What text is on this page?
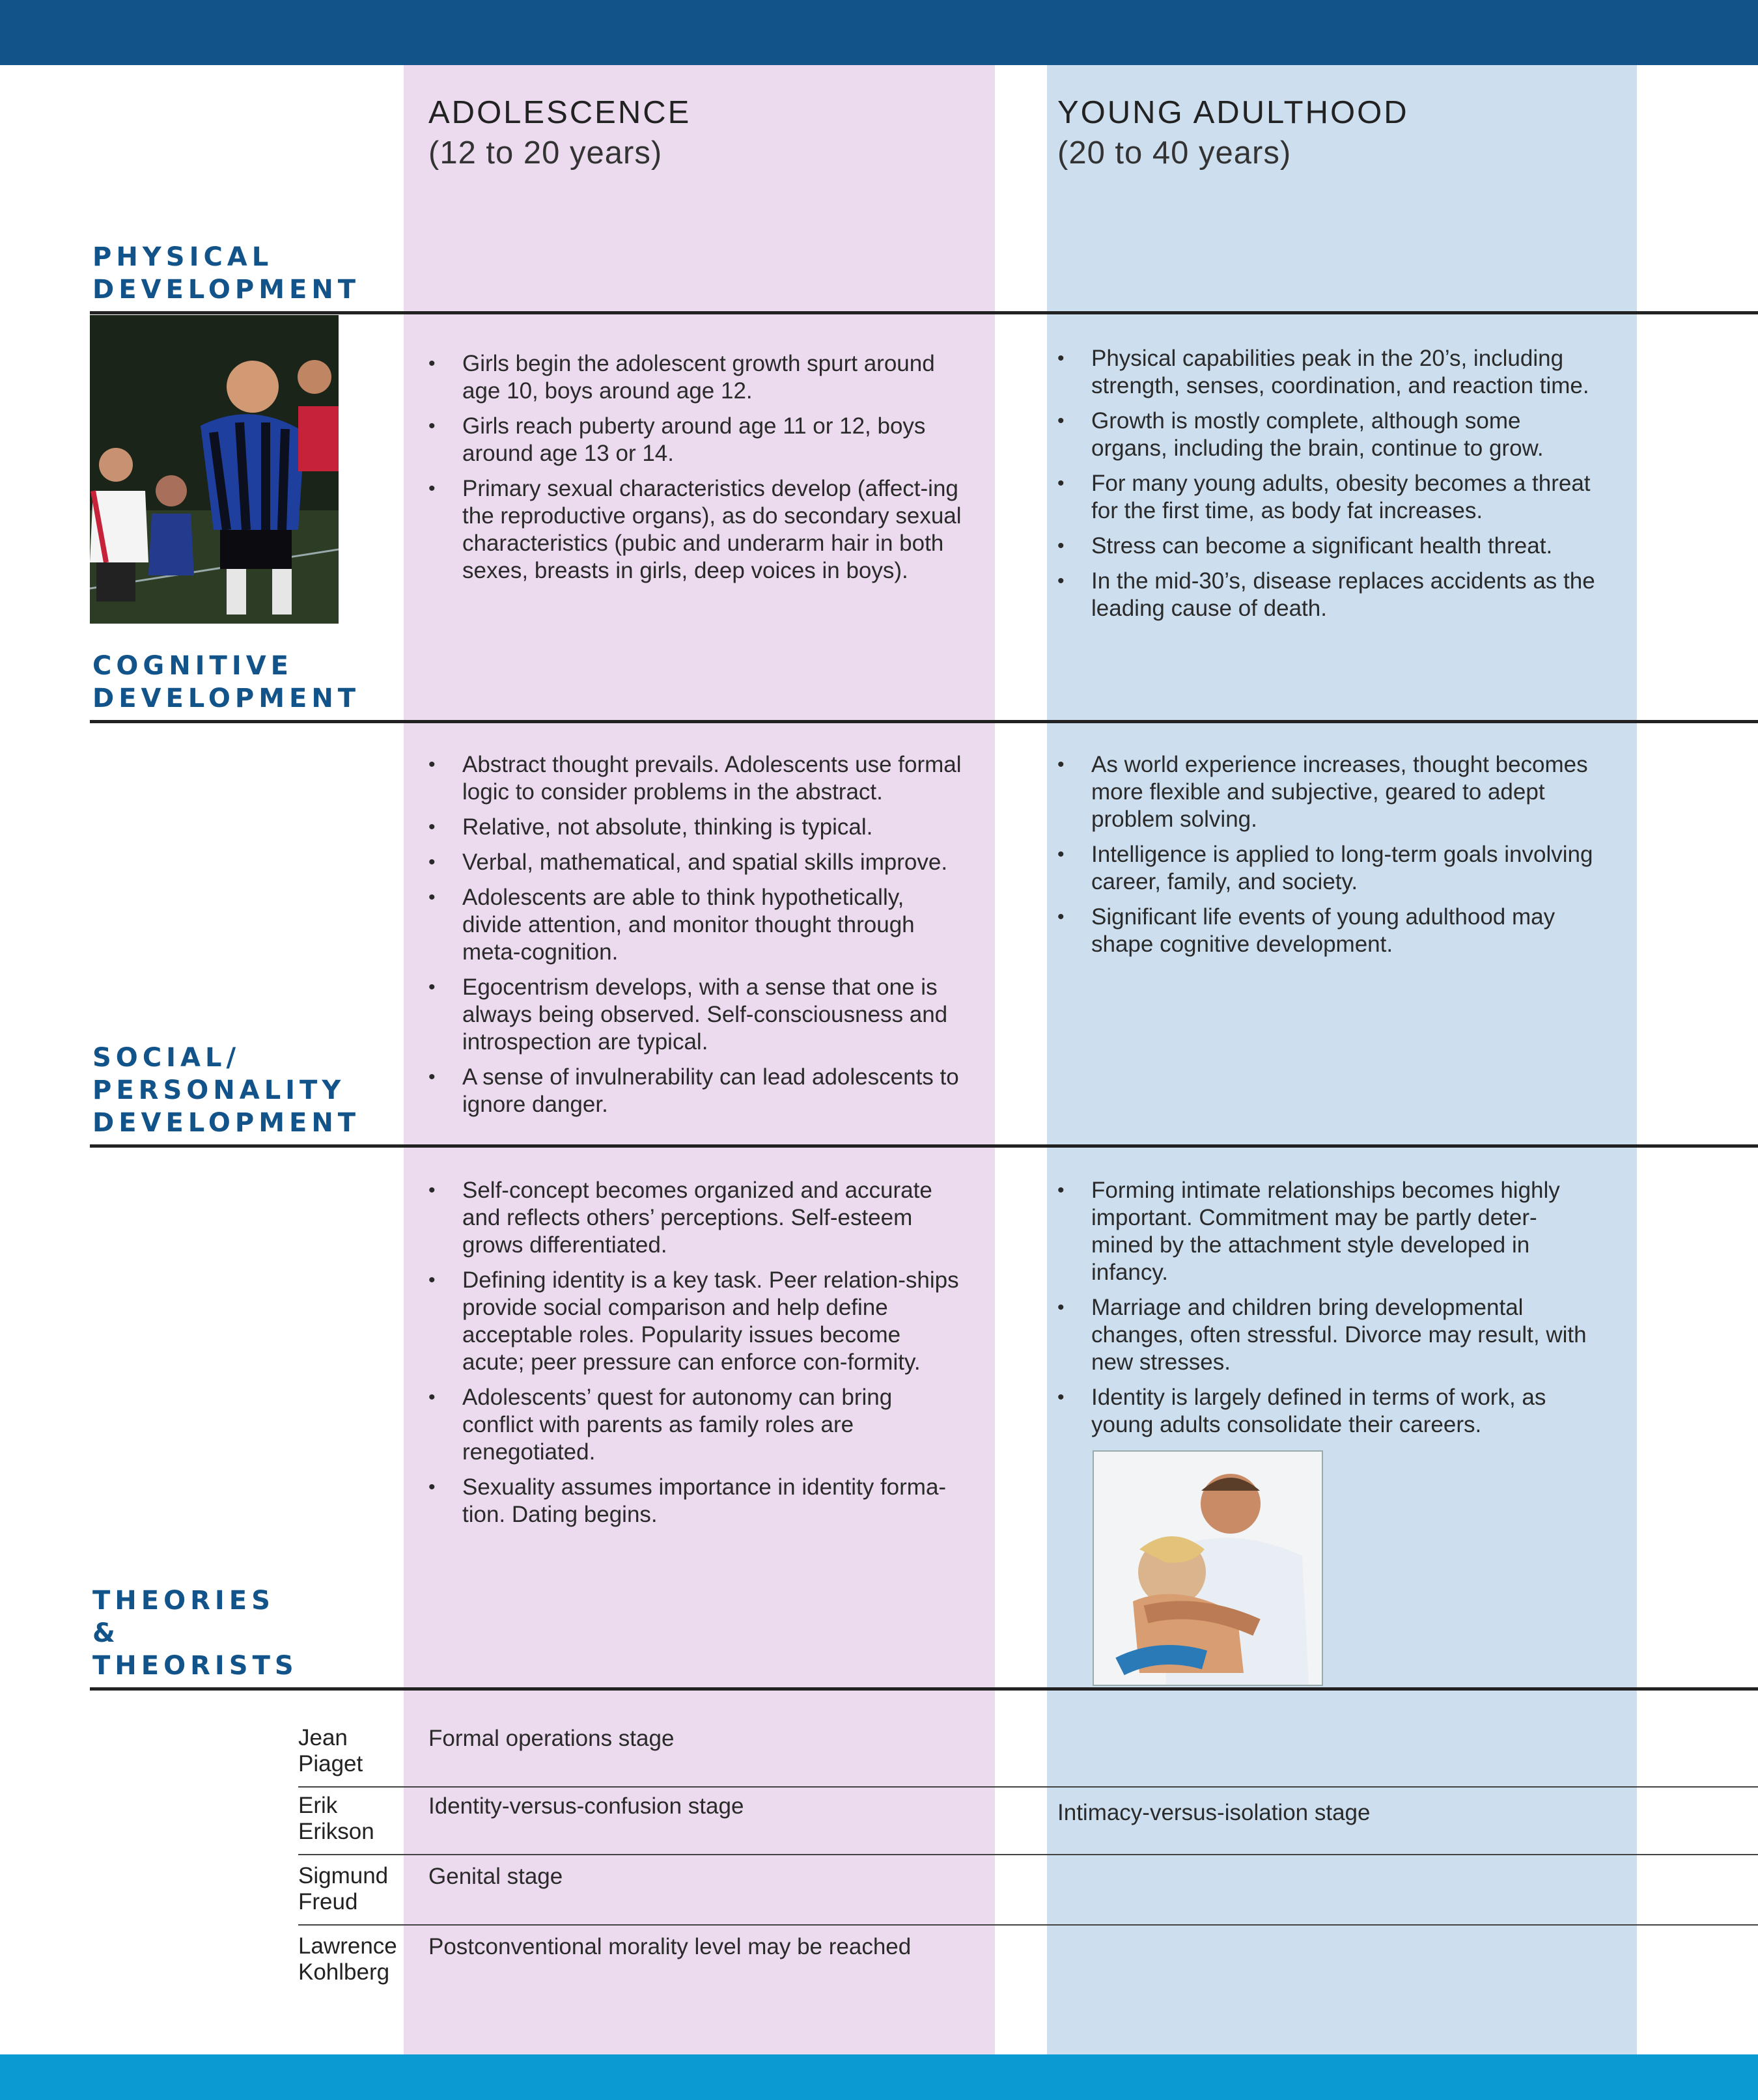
ADOLESCENCE
(12 to 20 years)
YOUNG ADULTHOOD
(20 to 40 years)
PHYSICAL
DEVELOPMENT
COGNITIVE
DEVELOPMENT
SOCIAL/
PERSONALITY
DEVELOPMENT
THEORIES
&
THEORISTS
• Girls begin the adolescent growth spurt around age 10, boys around age 12.
• Girls reach puberty around age 11 or 12, boys around age 13 or 14.
• Primary sexual characteristics develop (affect-ing the reproductive organs), as do secondary sexual characteristics (pubic and underarm hair in both sexes, breasts in girls, deep voices in boys).
• Physical capabilities peak in the 20’s, including strength, senses, coordination, and reaction time.
• Growth is mostly complete, although some organs, including the brain, continue to grow.
• For many young adults, obesity becomes a threat for the first time, as body fat increases.
• Stress can become a significant health threat.
• In the mid-30’s, disease replaces accidents as the leading cause of death.
• Abstract thought prevails. Adolescents use formal logic to consider problems in the abstract.
• Relative, not absolute, thinking is typical.
• Verbal, mathematical, and spatial skills improve.
• Adolescents are able to think hypothetically, divide attention, and monitor thought through meta-cognition.
• Egocentrism develops, with a sense that one is always being observed. Self-consciousness and introspection are typical.
• A sense of invulnerability can lead adolescents to ignore danger.
• As world experience increases, thought becomes more flexible and subjective, geared to adept problem solving.
• Intelligence is applied to long-term goals involving career, family, and society.
• Significant life events of young adulthood may shape cognitive development.
• Self-concept becomes organized and accurate and reflects others’ perceptions. Self-esteem grows differentiated.
• Defining identity is a key task. Peer relation-ships provide social comparison and help define acceptable roles. Popularity issues become acute; peer pressure can enforce con-formity.
• Adolescents’ quest for autonomy can bring conflict with parents as family roles are renegotiated.
• Sexuality assumes importance in identity forma-tion. Dating begins.
• Forming intimate relationships becomes highly important. Commitment may be partly deter-mined by the attachment style developed in infancy.
• Marriage and children bring developmental changes, often stressful. Divorce may result, with new stresses.
• Identity is largely defined in terms of work, as young adults consolidate their careers.
Jean
Piaget
Formal operations stage
Erik
Erikson
Identity-versus-confusion stage	Intimacy-versus-isolation stage
Sigmund
Freud
Genital stage
Lawrence
Kohlberg
Postconventional morality level may be reached
